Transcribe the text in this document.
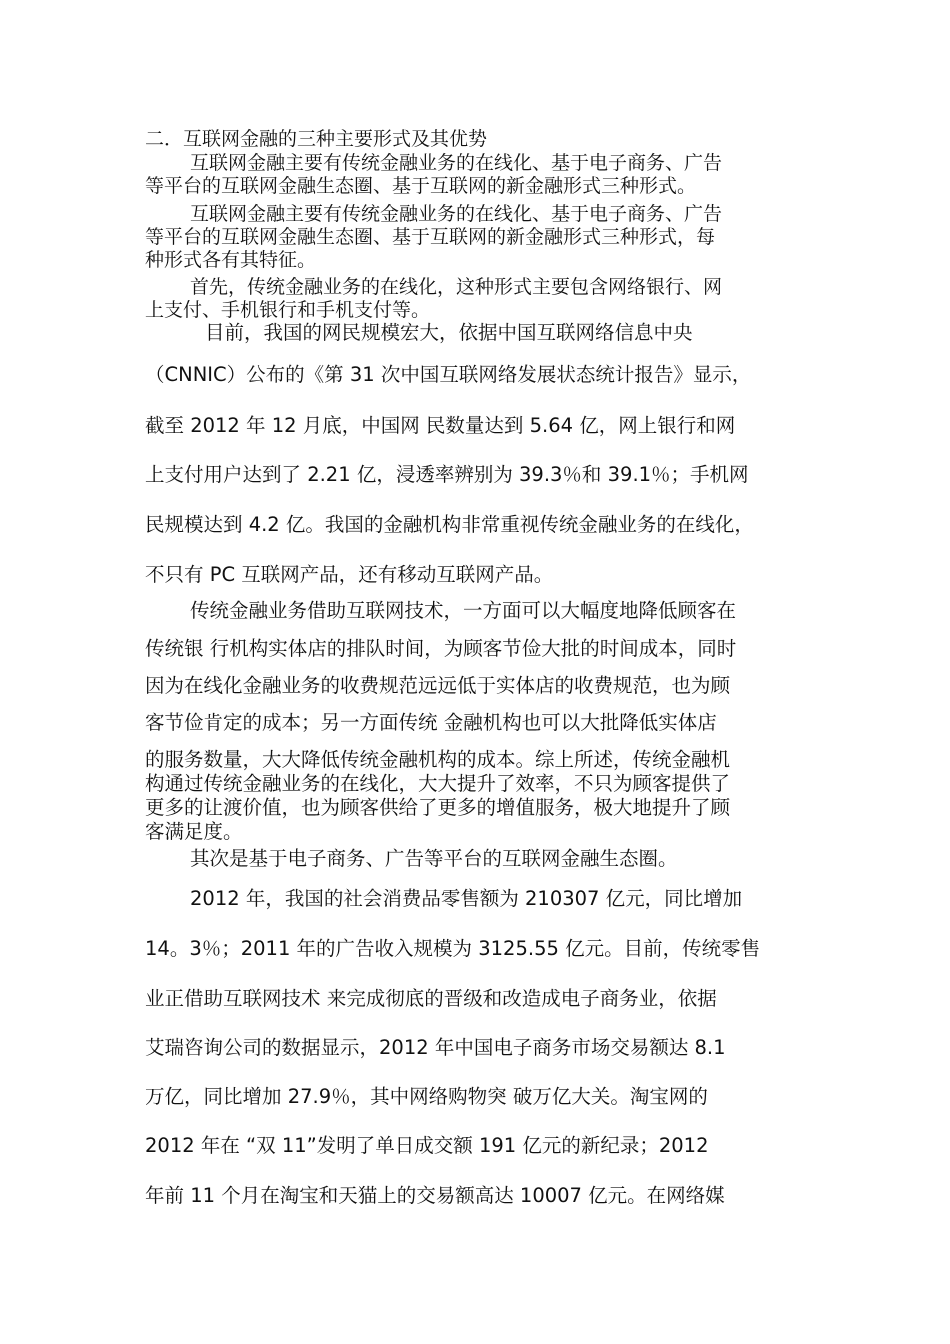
二．互联网金融的三种主要形式及其优势
互联网金融主要有传统金融业务的在线化、基于电子商务、广告
等平台的互联网金融生态圈、基于互联网的新金融形式三种形式。
互联网金融主要有传统金融业务的在线化、基于电子商务、广告
等平台的互联网金融生态圈、基于互联网的新金融形式三种形式，每
种形式各有其特征。
首先，传统金融业务的在线化，这种形式主要包含网络银行、网
上支付、手机银行和手机支付等。
目前，我国的网民规模宏大，依据中国互联网络信息中央
（CNNIC）公布的《第 31 次中国互联网络发展状态统计报告》显示，
截至 2012 年 12 月底，中国网 民数量达到 5.64 亿，网上银行和网
上支付用户达到了 2.21 亿，浸透率辨别为 39.3％和 39.1％；手机网
民规模达到 4.2 亿。我国的金融机构非常重视传统金融业务的在线化，
不只有 PC 互联网产品，还有移动互联网产品。
传统金融业务借助互联网技术，一方面可以大幅度地降低顾客在
传统银 行机构实体店的排队时间，为顾客节俭大批的时间成本，同时
因为在线化金融业务的收费规范远远低于实体店的收费规范，也为顾
客节俭肯定的成本；另一方面传统 金融机构也可以大批降低实体店
的服务数量，大大降低传统金融机构的成本。综上所述，传统金融机
构通过传统金融业务的在线化，大大提升了效率，不只为顾客提供了
更多的让渡价值，也为顾客供给了更多的增值服务，极大地提升了顾
客满足度。
其次是基于电子商务、广告等平台的互联网金融生态圈。
2012 年，我国的社会消费品零售额为 210307 亿元，同比增加
14。3％；2011 年的广告收入规模为 3125.55 亿元。目前，传统零售
业正借助互联网技术 来完成彻底的晋级和改造成电子商务业，依据
艾瑞咨询公司的数据显示，2012 年中国电子商务市场交易额达 8.1
万亿，同比增加 27.9％，其中网络购物突 破万亿大关。淘宝网的
2012 年在 “双 11”发明了单日成交额 191 亿元的新纪录；2012
年前 11 个月在淘宝和天猫上的交易额高达 10007 亿元。在网络媒
